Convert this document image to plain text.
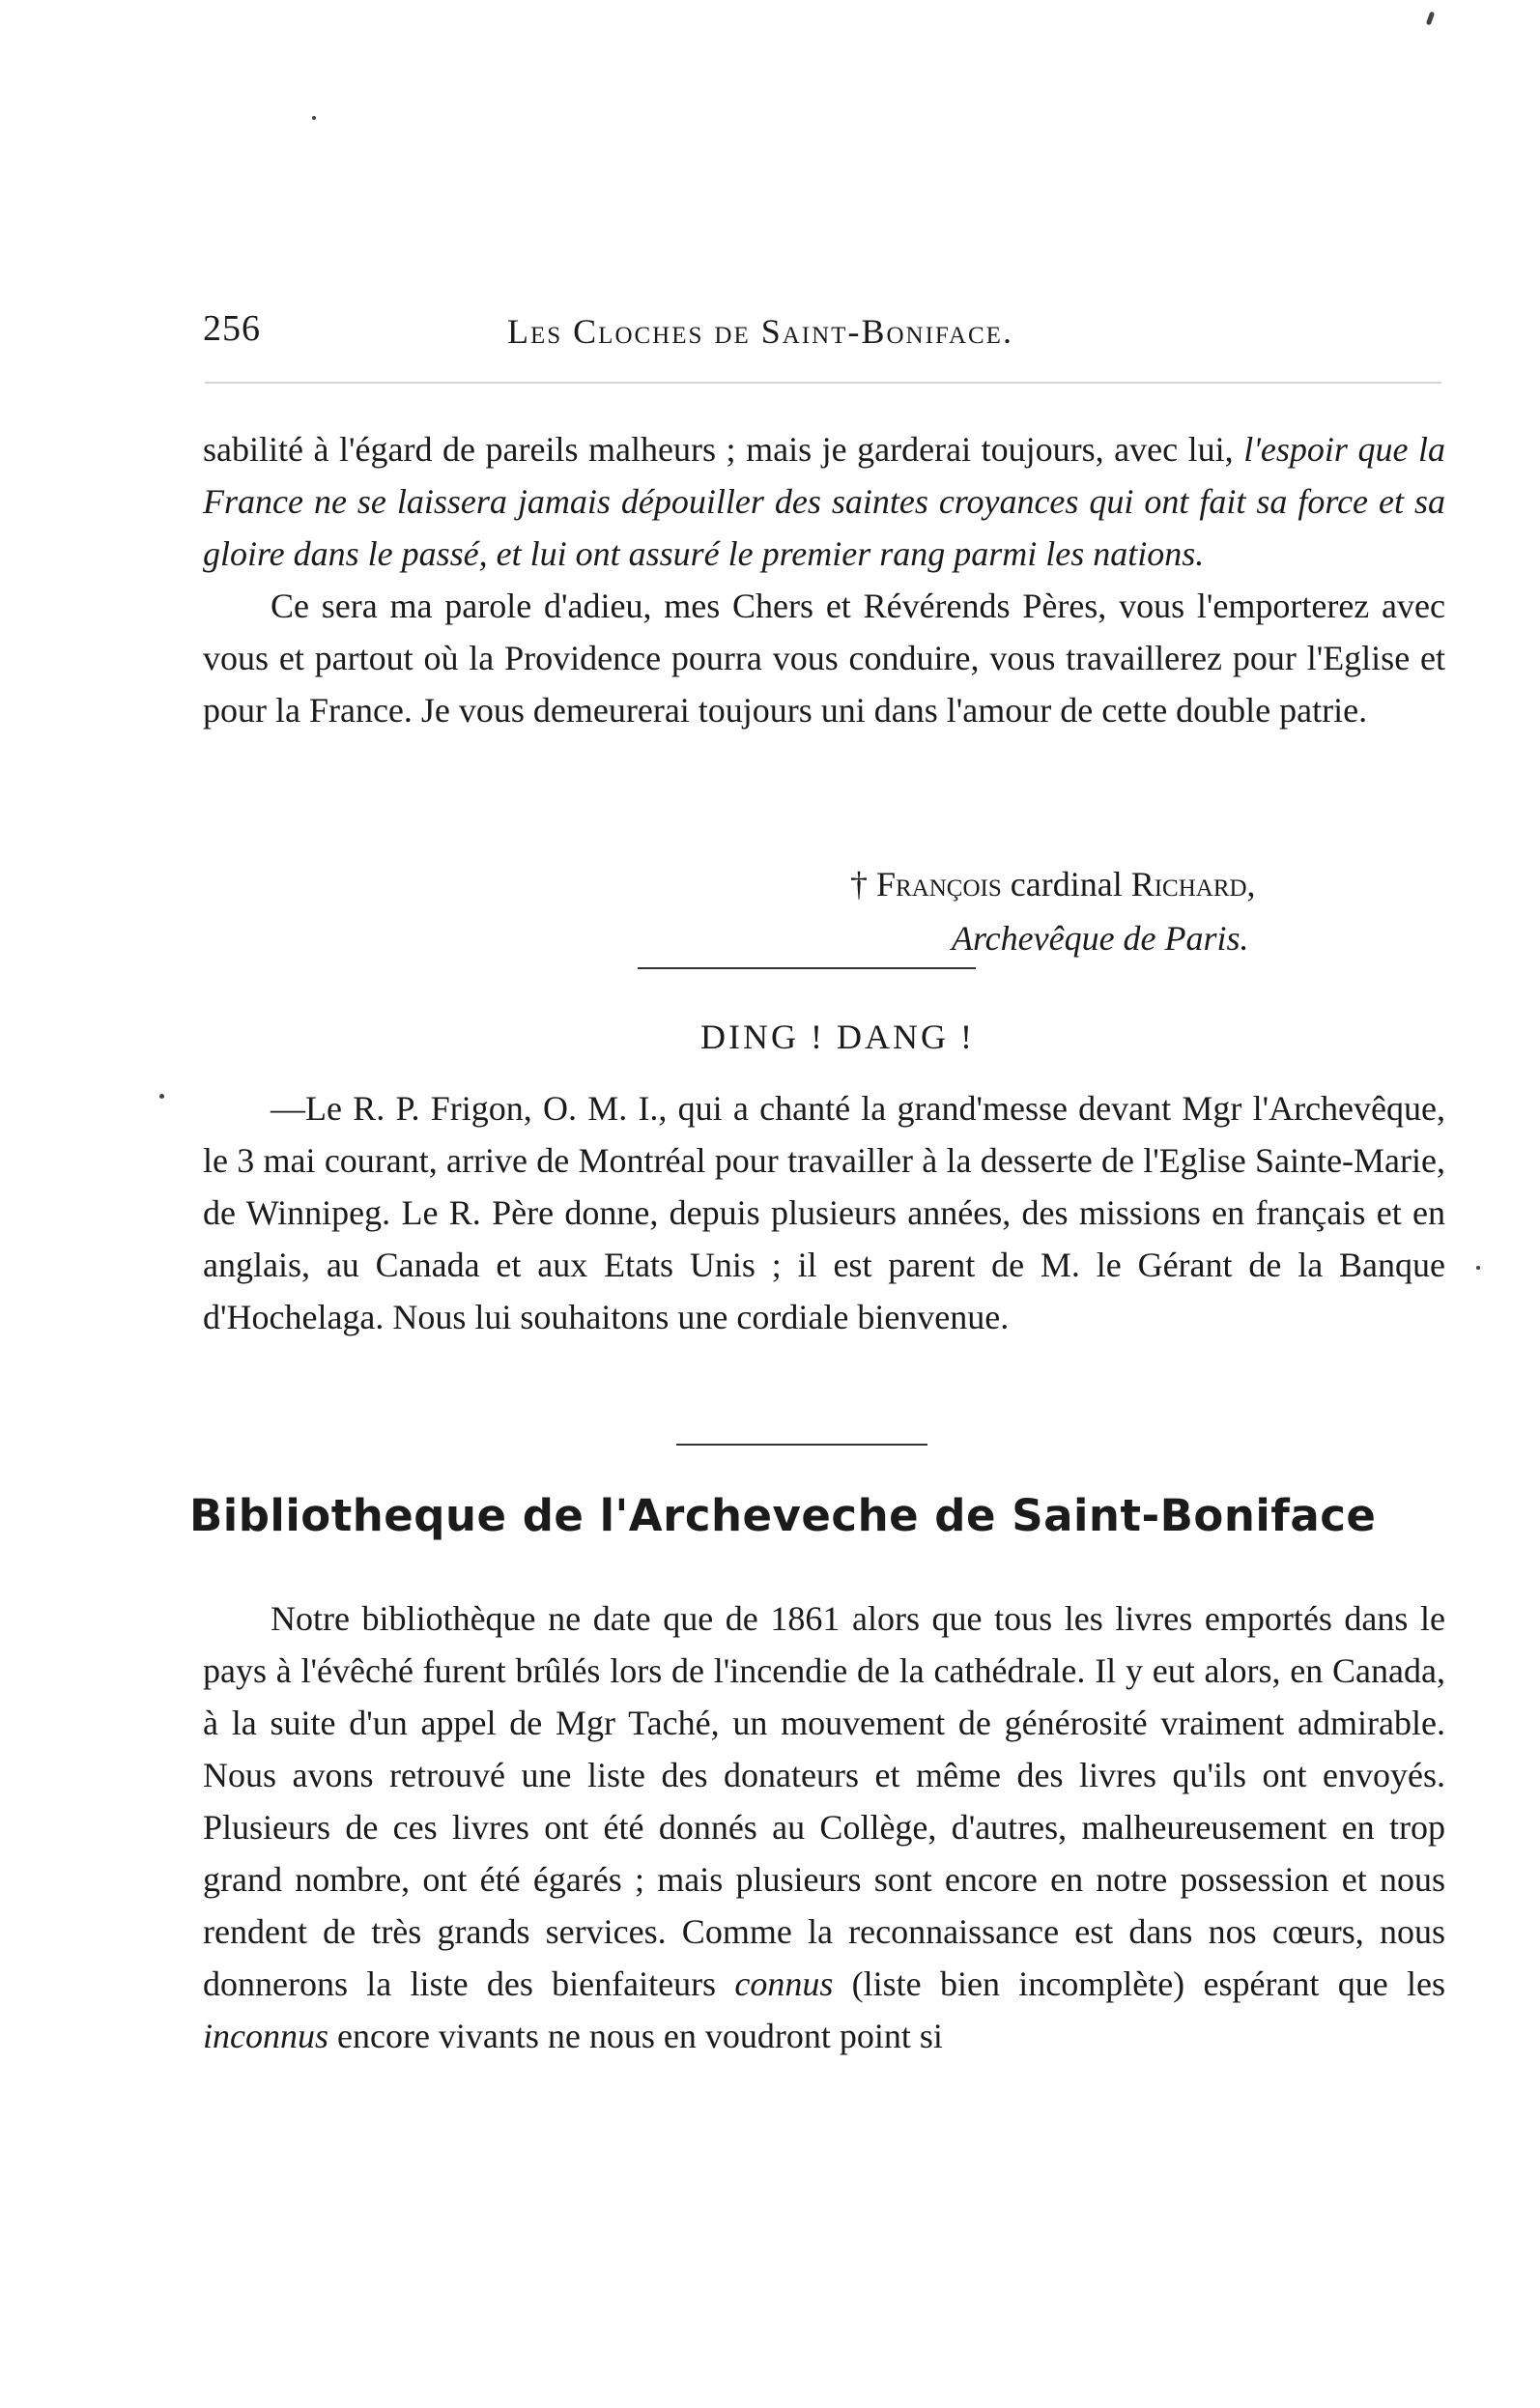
256	Les Cloches de Saint-Boniface.

sabilité à l'égard de pareils malheurs ; mais je garderai toujours, avec lui, l'espoir que la France ne se laissera jamais dépouiller des saintes croyances qui ont fait sa force et sa gloire dans le passé, et lui ont assuré le premier rang parmi les nations.

Ce sera ma parole d'adieu, mes Chers et Révérends Pères, vous l'emporterez avec vous et partout où la Providence pourra vous conduire, vous travaillerez pour l'Eglise et pour la France. Je vous demeurerai toujours uni dans l'amour de cette double patrie.

† François cardinal Richard,
Archevêque de Paris.
DING ! DANG !

—Le R. P. Frigon, O. M. I., qui a chanté la grand'messe devant Mgr l'Archevêque, le 3 mai courant, arrive de Montréal pour travailler à la desserte de l'Eglise Sainte-Marie, de Winnipeg. Le R. Père donne, depuis plusieurs années, des missions en français et en anglais, au Canada et aux Etats Unis ; il est parent de M. le Gérant de la Banque d'Hochelaga. Nous lui souhaitons une cordiale bienvenue.

Bibliotheque de l'Archeveche de Saint-Boniface

Notre bibliothèque ne date que de 1861 alors que tous les livres emportés dans le pays à l'évêché furent brûlés lors de l'incendie de la cathédrale. Il y eut alors, en Canada, à la suite d'un appel de Mgr Taché, un mouvement de générosité vraiment admirable. Nous avons retrouvé une liste des donateurs et même des livres qu'ils ont envoyés. Plusieurs de ces livres ont été donnés au Collège, d'autres, malheureusement en trop grand nombre, ont été égarés ; mais plusieurs sont encore en notre possession et nous rendent de très grands services. Comme la reconnaissance est dans nos cœurs, nous donnerons la liste des bienfaiteurs connus (liste bien incomplète) espérant que les inconnus encore vivants ne nous en voudront point si
